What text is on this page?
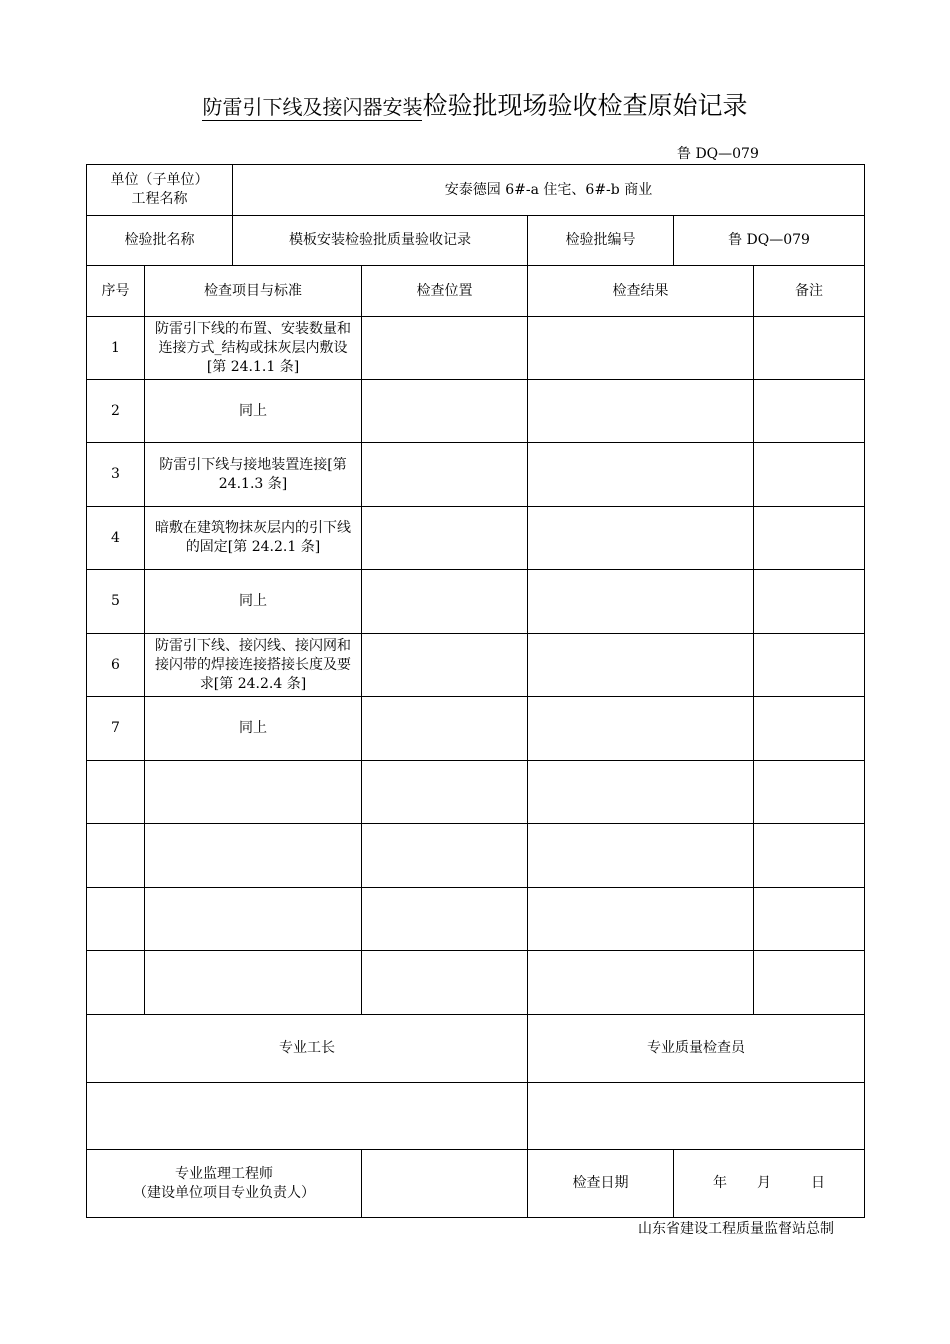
防雷引下线及接闪器安装检验批现场验收检查原始记录
鲁 DQ—079
单位（子单位）
工程名称		安泰德园 6#-a 住宅、6#-b 商业				
检验批名称		模板安装检验批质量验收记录		检验批编号	鲁 DQ—079	
序号	检查项目与标准		检查位置	检查结果		备注
1	防雷引下线的布置、安装数量和连接方式_结构或抹灰层内敷设[第 24.1.1 条]					
2	同上					
3	防雷引下线与接地装置连接[第 24.1.3 条]					
4	暗敷在建筑物抹灰层内的引下线的固定[第 24.2.1 条]					
5	同上					
6	防雷引下线、接闪线、接闪网和接闪带的焊接连接搭接长度及要求[第 24.2.4 条]					
7	同上					

专业工长				专业质量检查员		

专业监理工程师
（建设单位项目专业负责人）				检查日期	年 月 日	
山东省建设工程质量监督站总制
